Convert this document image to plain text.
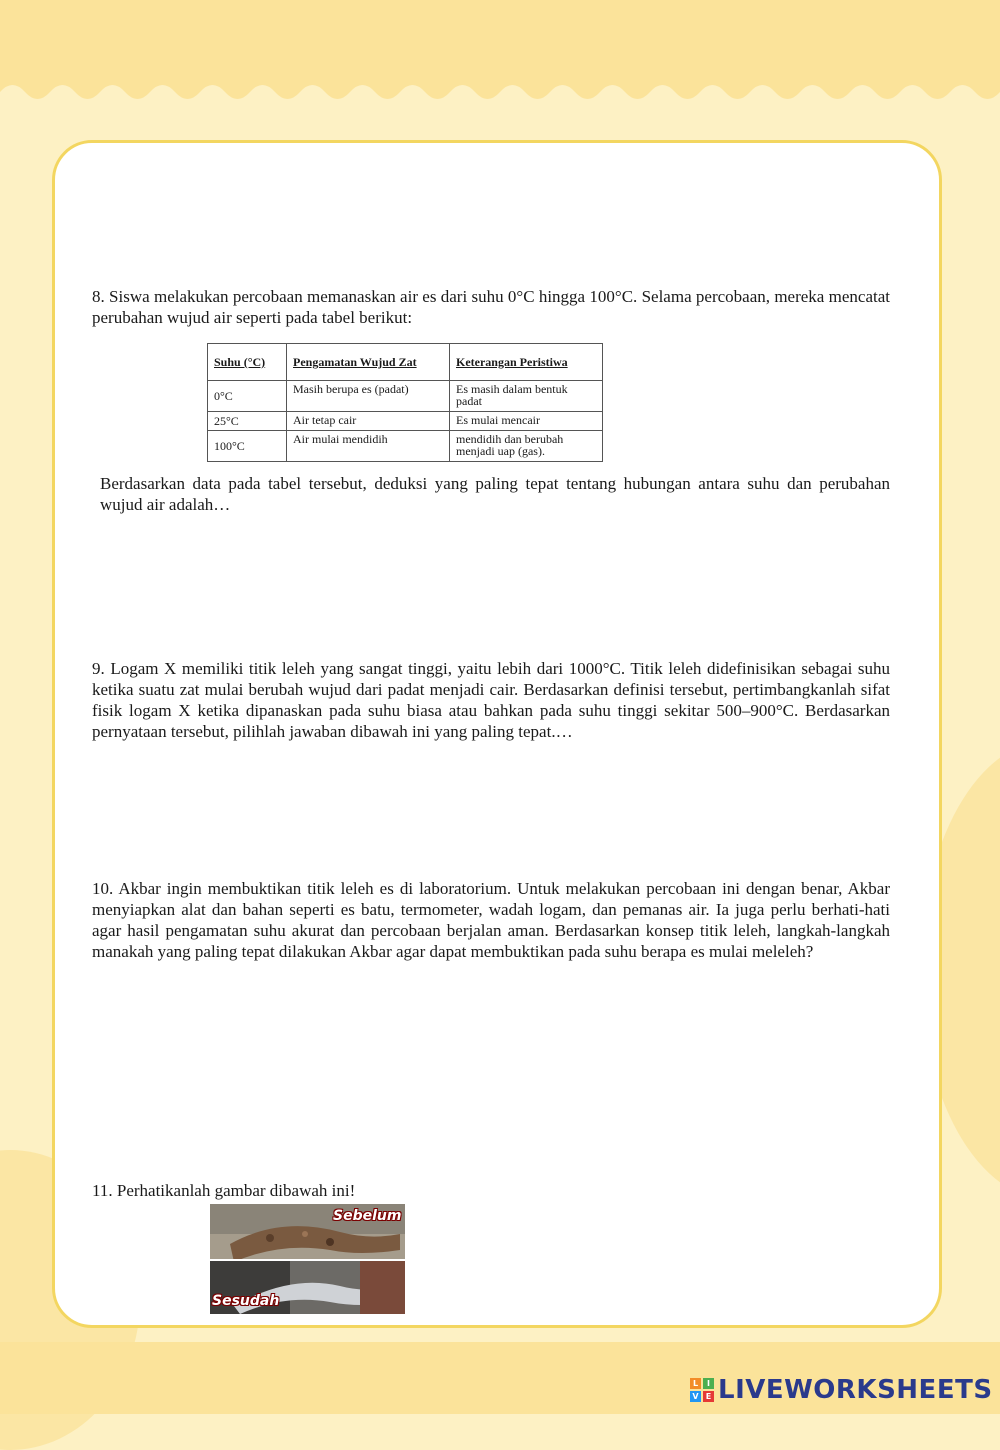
8. Siswa melakukan percobaan memanaskan air es dari suhu 0°C hingga 100°C. Selama percobaan, mereka mencatat perubahan wujud air seperti pada tabel berikut:

Suhu (°C)	Pengamatan Wujud Zat	Keterangan Peristiwa
0°C	Masih berupa es (padat)	Es masih dalam bentuk padat
25°C	Air tetap cair	Es mulai mencair
100°C	Air mulai mendidih	mendidih dan berubah menjadi uap (gas).

Berdasarkan data pada tabel tersebut, deduksi yang paling tepat tentang hubungan antara suhu dan perubahan wujud air adalah…

9. Logam X memiliki titik leleh yang sangat tinggi, yaitu lebih dari 1000°C. Titik leleh didefinisikan sebagai suhu ketika suatu zat mulai berubah wujud dari padat menjadi cair. Berdasarkan definisi tersebut, pertimbangkanlah sifat fisik logam X ketika dipanaskan pada suhu biasa atau bahkan pada suhu tinggi sekitar 500–900°C. Berdasarkan pernyataan tersebut, pilihlah jawaban dibawah ini yang paling tepat.…

10. Akbar ingin membuktikan titik leleh es di laboratorium. Untuk melakukan percobaan ini dengan benar, Akbar menyiapkan alat dan bahan seperti es batu, termometer, wadah logam, dan pemanas air. Ia juga perlu berhati-hati agar hasil pengamatan suhu akurat dan percobaan berjalan aman. Berdasarkan konsep titik leleh, langkah-langkah manakah yang paling tepat dilakukan Akbar agar dapat membuktikan pada suhu berapa es mulai meleleh?

11. Perhatikanlah gambar dibawah ini!

Sebelum
Sesudah
L	I
V E LIVEWORKSHEETS
